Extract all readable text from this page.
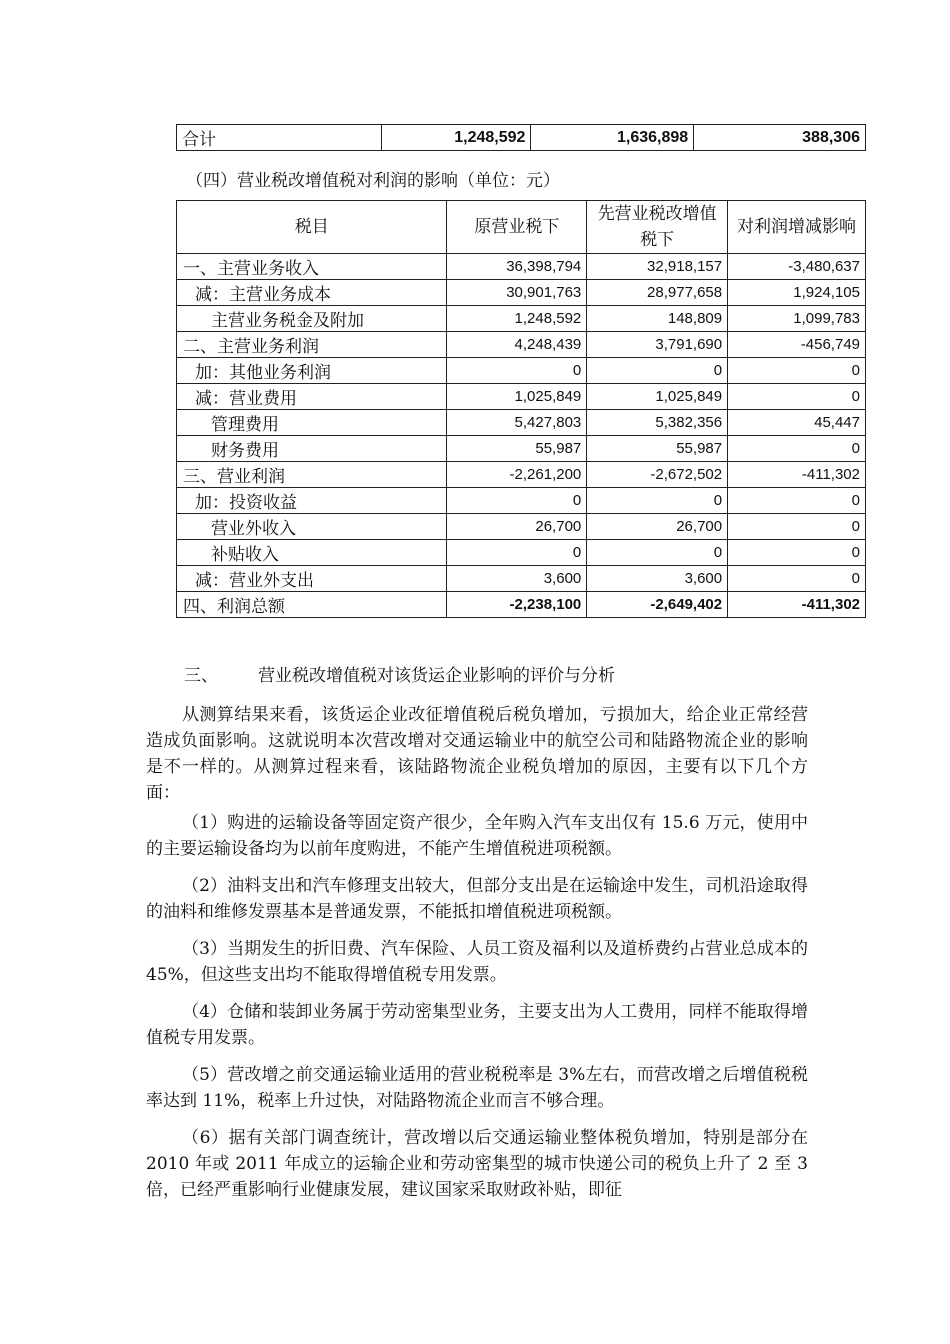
合计	1,248,592	1,636,898	388,306
（四）营业税改增值税对利润的影响（单位：元）
税目	原营业税下	先营业税改增值税下	对利润增减影响
一、主营业务收入	36,398,794	32,918,157	-3,480,637
减：主营业务成本	30,901,763	28,977,658	1,924,105
主营业务税金及附加	1,248,592	148,809	1,099,783
二、主营业务利润	4,248,439	3,791,690	-456,749
加：其他业务利润	0	0	0
减：营业费用	1,025,849	1,025,849	0
管理费用	5,427,803	5,382,356	45,447
财务费用	55,987	55,987	0
三、营业利润	-2,261,200	-2,672,502	-411,302
加：投资收益	0	0	0
营业外收入	26,700	26,700	0
补贴收入	0	0	0
减：营业外支出	3,600	3,600	0
四、利润总额	-2,238,100	-2,649,402	-411,302
三、 营业税改增值税对该货运企业影响的评价与分析

从测算结果来看，该货运企业改征增值税后税负增加，亏损加大，给企业正常经营造成负面影响。这就说明本次营改增对交通运输业中的航空公司和陆路物流企业的影响是不一样的。从测算过程来看，该陆路物流企业税负增加的原因，主要有以下几个方面：

（1）购进的运输设备等固定资产很少，全年购入汽车支出仅有 15.6 万元，使用中的主要运输设备均为以前年度购进，不能产生增值税进项税额。

（2）油料支出和汽车修理支出较大，但部分支出是在运输途中发生，司机沿途取得的油料和维修发票基本是普通发票，不能抵扣增值税进项税额。

（3）当期发生的折旧费、汽车保险、人员工资及福利以及道桥费约占营业总成本的 45%，但这些支出均不能取得增值税专用发票。

（4）仓储和装卸业务属于劳动密集型业务，主要支出为人工费用，同样不能取得增值税专用发票。

（5）营改增之前交通运输业适用的营业税税率是 3%左右，而营改增之后增值税税率达到 11%，税率上升过快，对陆路物流企业而言不够合理。

（6）据有关部门调查统计，营改增以后交通运输业整体税负增加，特别是部分在 2010 年或 2011 年成立的运输企业和劳动密集型的城市快递公司的税负上升了 2 至 3 倍，已经严重影响行业健康发展，建议国家采取财政补贴，即征
